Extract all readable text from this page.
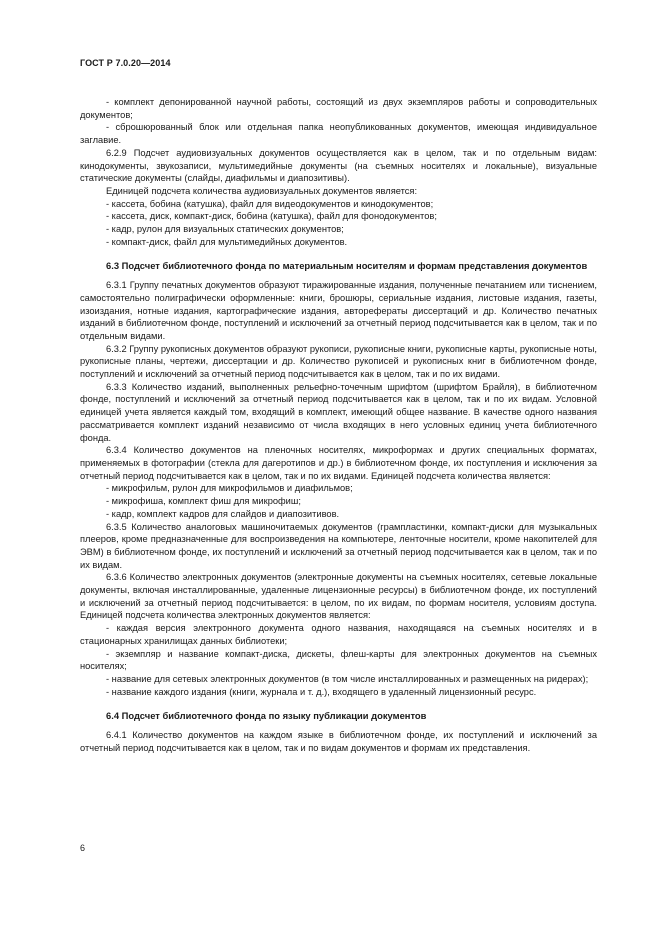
ГОСТ Р 7.0.20—2014

- комплект депонированной научной работы, состоящий из двух экземпляров работы и сопроводительных документов;

- сброшюрованный блок или отдельная папка неопубликованных документов, имеющая индивидуальное заглавие.

6.2.9 Подсчет аудиовизуальных документов осуществляется как в целом, так и по отдельным видам: кинодокументы, звукозаписи, мультимедийные документы (на съемных носителях и локальные), визуальные статические документы (слайды, диафильмы и диапозитивы).

Единицей подсчета количества аудиовизуальных документов является:

- кассета, бобина (катушка), файл для видеодокументов и кинодокументов;

- кассета, диск, компакт-диск, бобина (катушка), файл для фонодокументов;

- кадр, рулон для визуальных статических документов;

- компакт-диск, файл для мультимедийных документов.

6.3 Подсчет библиотечного фонда по материальным носителям и формам представления документов

6.3.1 Группу печатных документов образуют тиражированные издания, полученные печатанием или тиснением, самостоятельно полиграфически оформленные: книги, брошюры, сериальные издания, листовые издания, газеты, изоиздания, нотные издания, картографические издания, авторефераты диссертаций и др. Количество печатных изданий в библиотечном фонде, поступлений и исключений за отчетный период подсчитывается как в целом, так и по отдельным видами.

6.3.2 Группу рукописных документов образуют рукописи, рукописные книги, рукописные карты, рукописные ноты, рукописные планы, чертежи, диссертации и др. Количество рукописей и рукописных книг в библиотечном фонде, поступлений и исключений за отчетный период подсчитывается как в целом, так и по их видами.

6.3.3 Количество изданий, выполненных рельефно-точечным шрифтом (шрифтом Брайля), в библиотечном фонде, поступлений и исключений за отчетный период подсчитывается как в целом, так и по их видам. Условной единицей учета является каждый том, входящий в комплект, имеющий общее название. В качестве одного названия рассматривается комплект изданий независимо от числа входящих в него условных единиц учета библиотечного фонда.

6.3.4 Количество документов на пленочных носителях, микроформах и других специальных форматах, применяемых в фотографии (стекла для дагеротипов и др.) в библиотечном фонде, их поступления и исключения за отчетный период подсчитывается как в целом, так и по их видами. Единицей подсчета количества является:

- микрофильм, рулон для микрофильмов и диафильмов;

- микрофиша, комплект фиш для микрофиш;

- кадр, комплект кадров для слайдов и диапозитивов.

6.3.5 Количество аналоговых машиночитаемых документов (грампластинки, компакт-диски для музыкальных плееров, кроме предназначенные для воспроизведения на компьютере, ленточные носители, кроме накопителей для ЭВМ) в библиотечном фонде, их поступлений и исключений за отчетный период подсчитывается как в целом, так и по их видам.

6.3.6 Количество электронных документов (электронные документы на съемных носителях, сетевые локальные документы, включая инсталлированные, удаленные лицензионные ресурсы) в библиотечном фонде, их поступлений и исключений за отчетный период подсчитывается: в целом, по их видам, по формам носителя, условиям доступа. Единицей подсчета количества электронных документов является:

- каждая версия электронного документа одного названия, находящаяся на съемных носителях и в стационарных хранилищах данных библиотеки;

- экземпляр и название компакт-диска, дискеты, флеш-карты для электронных документов на съемных носителях;

- название для сетевых электронных документов (в том числе инсталлированных и размещенных на ридерах);

- название каждого издания (книги, журнала и т. д.), входящего в удаленный лицензионный ресурс.

6.4 Подсчет библиотечного фонда по языку публикации документов

6.4.1 Количество документов на каждом языке в библиотечном фонде, их поступлений и исключений за отчетный период подсчитывается как в целом, так и по видам документов и формам их представления.

6
